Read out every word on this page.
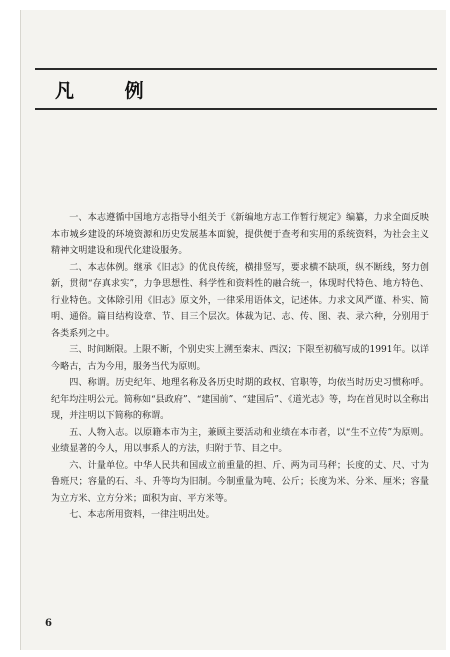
凡 例

一、本志遵循中国地方志指导小组关于《新编地方志工作暂行规定》编纂，力求全面反映本市城乡建设的环境资源和历史发展基本面貌，提供便于查考和实用的系统资料，为社会主义精神文明建设和现代化建设服务。

二、本志体例。继承《旧志》的优良传统，横排竖写，要求横不缺项，纵不断线，努力创新，贯彻“存真求实”，力争思想性、科学性和资料性的融合统一，体现时代特色、地方特色、行业特色。文体除引用《旧志》原文外，一律采用语体文，记述体。力求文风严谨、朴实、简明、通俗。篇目结构设章、节、目三个层次。体裁为记、志、传、图、表、录六种，分别用于各类系列之中。

三、时间断限。上限不断，个别史实上溯至秦末、西汉；下限至初稿写成的1991年。以详今略古，古为今用，服务当代为原则。

四、称谓。历史纪年、地理名称及各历史时期的政权、官职等，均依当时历史习惯称呼。纪年均注明公元。简称如“县政府”、“建国前”、“建国后”、《道光志》等，均在首见时以全称出现，并注明以下简称的称谓。

五、人物入志。以原籍本市为主，兼顾主要活动和业绩在本市者，以“生不立传”为原则。业绩显著的今人，用以事系人的方法，归附于节、目之中。

六、计量单位。中华人民共和国成立前重量的担、斤、两为司马秤；长度的丈、尺、寸为鲁班尺；容量的石、斗、升等均为旧制。今制重量为吨、公斤；长度为米、分米、厘米；容量为立方米、立方分米；面积为亩、平方米等。

七、本志所用资料，一律注明出处。

6
